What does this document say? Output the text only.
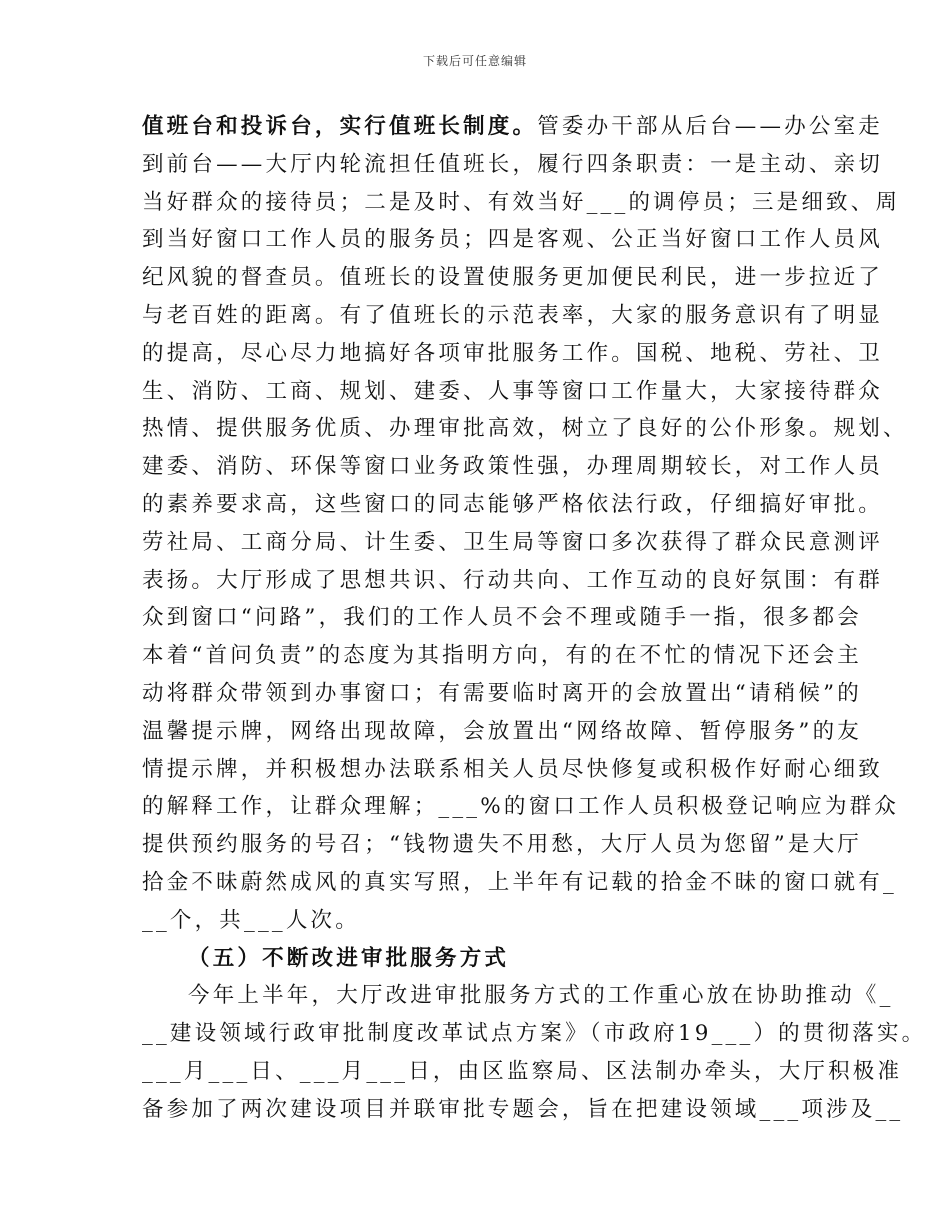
下载后可任意编辑
值班台和投诉台，实行值班长制度。管委办干部从后台——办公室走
到前台——大厅内轮流担任值班长，履行四条职责：一是主动、亲切
当好群众的接待员；二是及时、有效当好___的调停员；三是细致、周
到当好窗口工作人员的服务员；四是客观、公正当好窗口工作人员风
纪风貌的督查员。值班长的设置使服务更加便民利民，进一步拉近了
与老百姓的距离。有了值班长的示范表率，大家的服务意识有了明显
的提高，尽心尽力地搞好各项审批服务工作。国税、地税、劳社、卫
生、消防、工商、规划、建委、人事等窗口工作量大，大家接待群众
热情、提供服务优质、办理审批高效，树立了良好的公仆形象。规划、
建委、消防、环保等窗口业务政策性强，办理周期较长，对工作人员
的素养要求高，这些窗口的同志能够严格依法行政，仔细搞好审批。
劳社局、工商分局、计生委、卫生局等窗口多次获得了群众民意测评
表扬。大厅形成了思想共识、行动共向、工作互动的良好氛围：有群
众到窗口“问路”，我们的工作人员不会不理或随手一指，很多都会
本着“首问负责”的态度为其指明方向，有的在不忙的情况下还会主
动将群众带领到办事窗口；有需要临时离开的会放置出“请稍候”的
温馨提示牌，网络出现故障，会放置出“网络故障、暂停服务”的友
情提示牌，并积极想办法联系相关人员尽快修复或积极作好耐心细致
的解释工作，让群众理解；___%的窗口工作人员积极登记响应为群众
提供预约服务的号召；“钱物遗失不用愁，大厅人员为您留”是大厅
拾金不昧蔚然成风的真实写照，上半年有记载的拾金不昧的窗口就有_
__个，共___人次。
（五）不断改进审批服务方式
今年上半年，大厅改进审批服务方式的工作重心放在协助推动《_
__建设领域行政审批制度改革试点方案》（市政府19___）的贯彻落实。
___月___日、___月___日，由区监察局、区法制办牵头，大厅积极准
备参加了两次建设项目并联审批专题会，旨在把建设领域___项涉及__
